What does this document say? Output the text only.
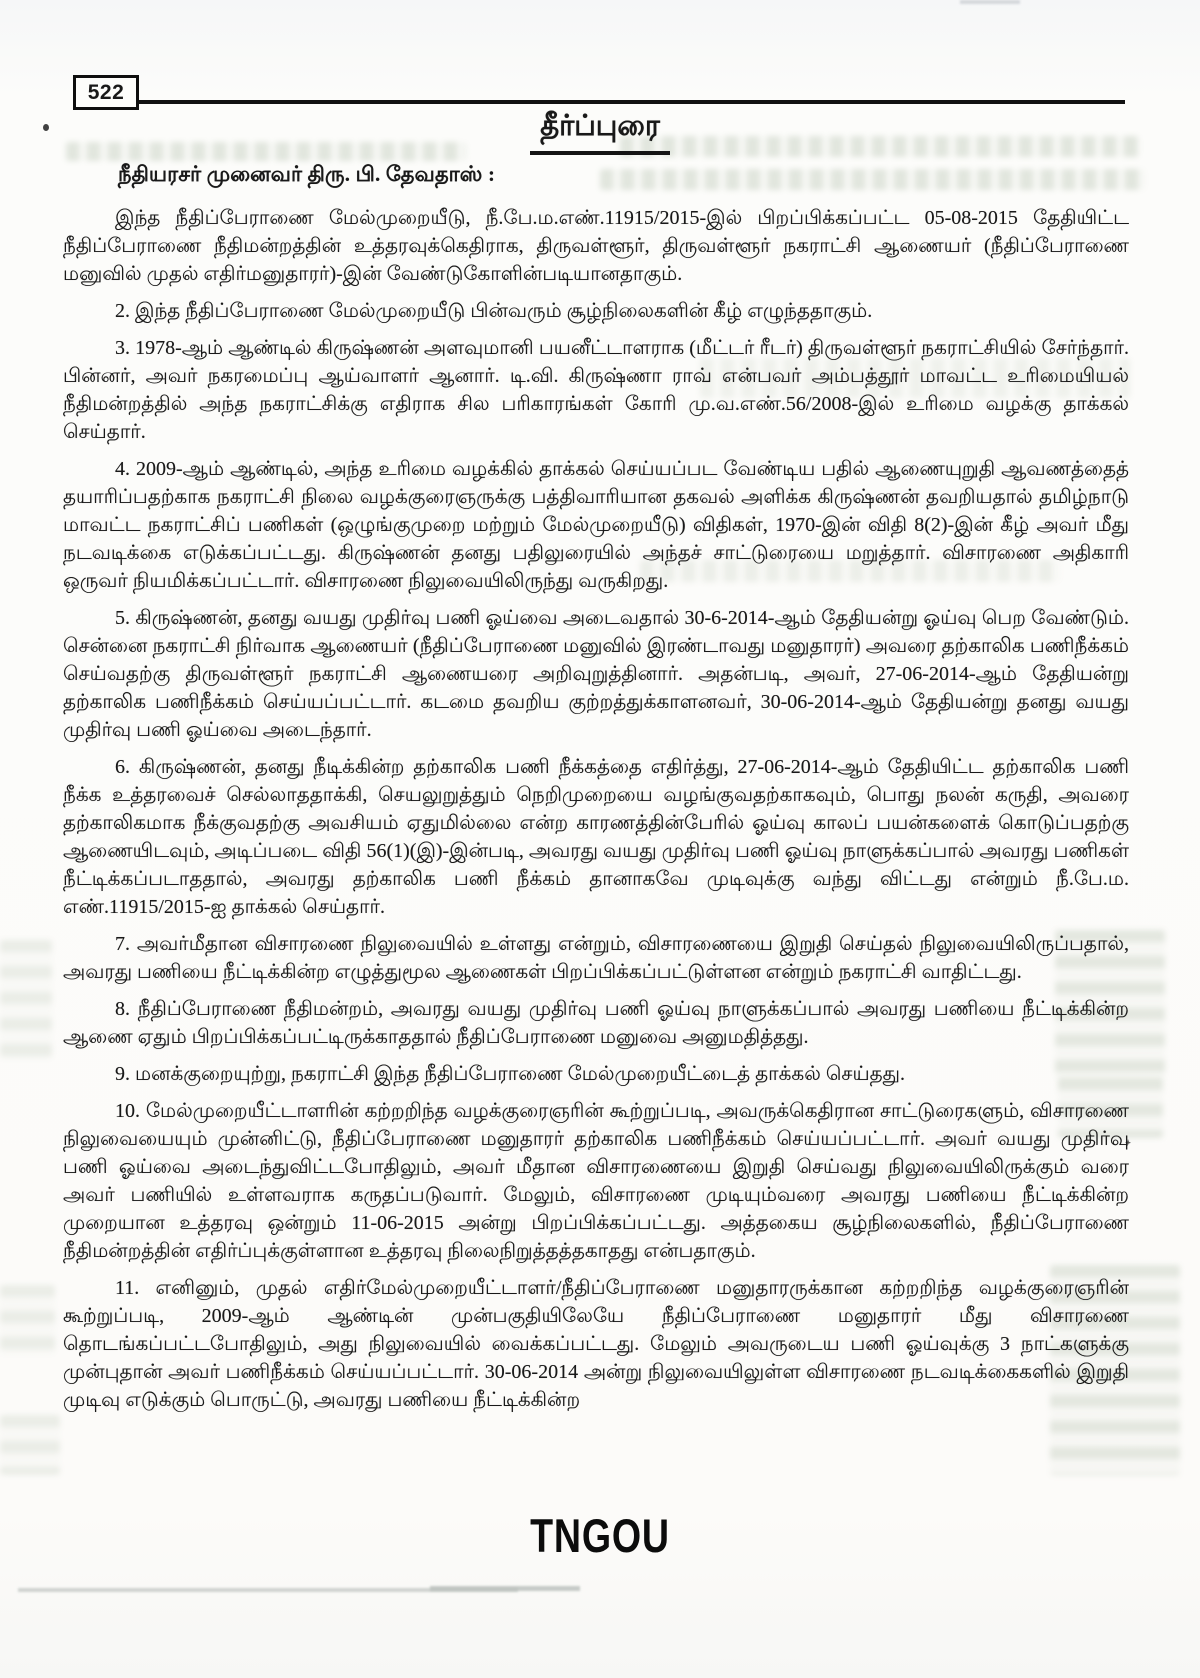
522
தீர்ப்புரை
நீதியரசர் முனைவர் திரு. பி. தேவதாஸ் :

இந்த நீதிப்பேராணை மேல்முறையீடு, நீ.பே.ம.எண்.11915/2015-இல் பிறப்பிக்கப்பட்ட 05-08-2015 தேதியிட்ட நீதிப்பேராணை நீதிமன்றத்தின் உத்தரவுக்கெதிராக, திருவள்ளூர், திருவள்ளூர் நகராட்சி ஆணையர் (நீதிப்பேராணை மனுவில் முதல் எதிர்மனுதாரர்)-இன் வேண்டுகோளின்படியானதாகும்.

2. இந்த நீதிப்பேராணை மேல்முறையீடு பின்வரும் சூழ்நிலைகளின் கீழ் எழுந்ததாகும்.

3. 1978-ஆம் ஆண்டில் கிருஷ்ணன் அளவுமானி பயனீட்டாளராக (மீட்டர் ரீடர்) திருவள்ளூர் நகராட்சியில் சேர்ந்தார். பின்னர், அவர் நகரமைப்பு ஆய்வாளர் ஆனார். டி.வி. கிருஷ்ணா ராவ் என்பவர் அம்பத்தூர் மாவட்ட உரிமையியல் நீதிமன்றத்தில் அந்த நகராட்சிக்கு எதிராக சில பரிகாரங்கள் கோரி மு.வ.எண்.56/2008-இல் உரிமை வழக்கு தாக்கல் செய்தார்.

4. 2009-ஆம் ஆண்டில், அந்த உரிமை வழக்கில் தாக்கல் செய்யப்பட வேண்டிய பதில் ஆணையுறுதி ஆவணத்தைத் தயாரிப்பதற்காக நகராட்சி நிலை வழக்குரைஞருக்கு பத்திவாரியான தகவல் அளிக்க கிருஷ்ணன் தவறியதால் தமிழ்நாடு மாவட்ட நகராட்சிப் பணிகள் (ஒழுங்குமுறை மற்றும் மேல்முறையீடு) விதிகள், 1970-இன் விதி 8(2)-இன் கீழ் அவர் மீது நடவடிக்கை எடுக்கப்பட்டது. கிருஷ்ணன் தனது பதிலுரையில் அந்தச் சாட்டுரையை மறுத்தார். விசாரணை அதிகாரி ஒருவர் நியமிக்கப்பட்டார். விசாரணை நிலுவையிலிருந்து வருகிறது.

5. கிருஷ்ணன், தனது வயது முதிர்வு பணி ஓய்வை அடைவதால் 30-6-2014-ஆம் தேதியன்று ஓய்வு பெற வேண்டும். சென்னை நகராட்சி நிர்வாக ஆணையர் (நீதிப்பேராணை மனுவில் இரண்டாவது மனுதாரர்) அவரை தற்காலிக பணிநீக்கம் செய்வதற்கு திருவள்ளூர் நகராட்சி ஆணையரை அறிவுறுத்தினார். அதன்படி, அவர், 27-06-2014-ஆம் தேதியன்று தற்காலிக பணிநீக்கம் செய்யப்பட்டார். கடமை தவறிய குற்றத்துக்காளனவர், 30-06-2014-ஆம் தேதியன்று தனது வயது முதிர்வு பணி ஓய்வை அடைந்தார்.

6. கிருஷ்ணன், தனது நீடிக்கின்ற தற்காலிக பணி நீக்கத்தை எதிர்த்து, 27-06-2014-ஆம் தேதியிட்ட தற்காலிக பணி நீக்க உத்தரவைச் செல்லாததாக்கி, செயலுறுத்தும் நெறிமுறையை வழங்குவதற்காகவும், பொது நலன் கருதி, அவரை தற்காலிகமாக நீக்குவதற்கு அவசியம் ஏதுமில்லை என்ற காரணத்தின்பேரில் ஓய்வு காலப் பயன்களைக் கொடுப்பதற்கு ஆணையிடவும், அடிப்படை விதி 56(1)(இ)-இன்படி, அவரது வயது முதிர்வு பணி ஓய்வு நாளுக்கப்பால் அவரது பணிகள் நீட்டிக்கப்படாததால், அவரது தற்காலிக பணி நீக்கம் தானாகவே முடிவுக்கு வந்து விட்டது என்றும் நீ.பே.ம. எண்.11915/2015-ஐ தாக்கல் செய்தார்.

7. அவர்மீதான விசாரணை நிலுவையில் உள்ளது என்றும், விசாரணையை இறுதி செய்தல் நிலுவையிலிருப்பதால், அவரது பணியை நீட்டிக்கின்ற எழுத்துமூல ஆணைகள் பிறப்பிக்கப்பட்டுள்ளன என்றும் நகராட்சி வாதிட்டது.

8. நீதிப்பேராணை நீதிமன்றம், அவரது வயது முதிர்வு பணி ஓய்வு நாளுக்கப்பால் அவரது பணியை நீட்டிக்கின்ற ஆணை ஏதும் பிறப்பிக்கப்பட்டிருக்காததால் நீதிப்பேராணை மனுவை அனுமதித்தது.

9. மனக்குறையுற்று, நகராட்சி இந்த நீதிப்பேராணை மேல்முறையீட்டைத் தாக்கல் செய்தது.

10. மேல்முறையீட்டாளரின் கற்றறிந்த வழக்குரைஞரின் கூற்றுப்படி, அவருக்கெதிரான சாட்டுரைகளும், விசாரணை நிலுவையையும் முன்னிட்டு, நீதிப்பேராணை மனுதாரர் தற்காலிக பணிநீக்கம் செய்யப்பட்டார். அவர் வயது முதிர்வு பணி ஓய்வை அடைந்துவிட்டபோதிலும், அவர் மீதான விசாரணையை இறுதி செய்வது நிலுவையிலிருக்கும் வரை அவர் பணியில் உள்ளவராக கருதப்படுவார். மேலும், விசாரணை முடியும்வரை அவரது பணியை நீட்டிக்கின்ற முறையான உத்தரவு ஒன்றும் 11-06-2015 அன்று பிறப்பிக்கப்பட்டது. அத்தகைய சூழ்நிலைகளில், நீதிப்பேராணை நீதிமன்றத்தின் எதிர்ப்புக்குள்ளான உத்தரவு நிலைநிறுத்தத்தகாதது என்பதாகும்.

11. எனினும், முதல் எதிர்மேல்முறையீட்டாளர்/நீதிப்பேராணை மனுதாரருக்கான கற்றறிந்த வழக்குரைஞரின் கூற்றுப்படி, 2009-ஆம் ஆண்டின் முன்பகுதியிலேயே நீதிப்பேராணை மனுதாரர் மீது விசாரணை தொடங்கப்பட்டபோதிலும், அது நிலுவையில் வைக்கப்பட்டது. மேலும் அவருடைய பணி ஓய்வுக்கு 3 நாட்களுக்கு முன்புதான் அவர் பணிநீக்கம் செய்யப்பட்டார். 30-06-2014 அன்று நிலுவையிலுள்ள விசாரணை நடவடிக்கைகளில் இறுதி முடிவு எடுக்கும் பொருட்டு, அவரது பணியை நீட்டிக்கின்ற

TNGOU
